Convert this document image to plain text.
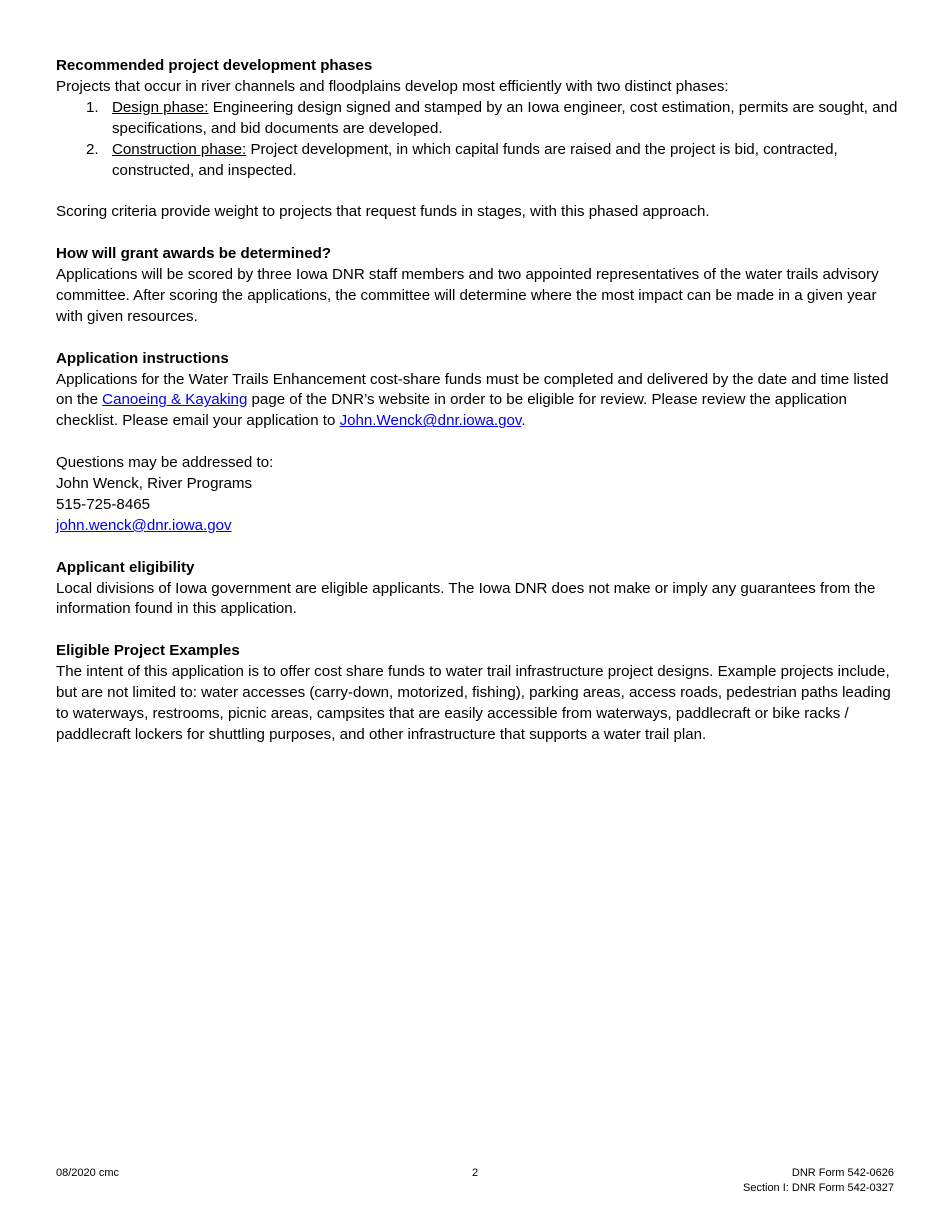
Recommended project development phases
Projects that occur in river channels and floodplains develop most efficiently with two distinct phases:
1. Design phase: Engineering design signed and stamped by an Iowa engineer, cost estimation, permits are sought, and specifications, and bid documents are developed.
2. Construction phase: Project development, in which capital funds are raised and the project is bid, contracted, constructed, and inspected.
Scoring criteria provide weight to projects that request funds in stages, with this phased approach.
How will grant awards be determined?
Applications will be scored by three Iowa DNR staff members and two appointed representatives of the water trails advisory committee. After scoring the applications, the committee will determine where the most impact can be made in a given year with given resources.
Application instructions
Applications for the Water Trails Enhancement cost-share funds must be completed and delivered by the date and time listed on the Canoeing & Kayaking page of the DNR’s website in order to be eligible for review. Please review the application checklist. Please email your application to John.Wenck@dnr.iowa.gov.
Questions may be addressed to:
John Wenck, River Programs
515-725-8465
john.wenck@dnr.iowa.gov
Applicant eligibility
Local divisions of Iowa government are eligible applicants. The Iowa DNR does not make or imply any guarantees from the information found in this application.
Eligible Project Examples
The intent of this application is to offer cost share funds to water trail infrastructure project designs. Example projects include, but are not limited to: water accesses (carry-down, motorized, fishing), parking areas, access roads, pedestrian paths leading to waterways, restrooms, picnic areas, campsites that are easily accessible from waterways, paddlecraft or bike racks / paddlecraft lockers for shuttling purposes, and other infrastructure that supports a water trail plan.
08/2020 cmc	2	DNR Form 542-0626
Section I: DNR Form 542-0327
